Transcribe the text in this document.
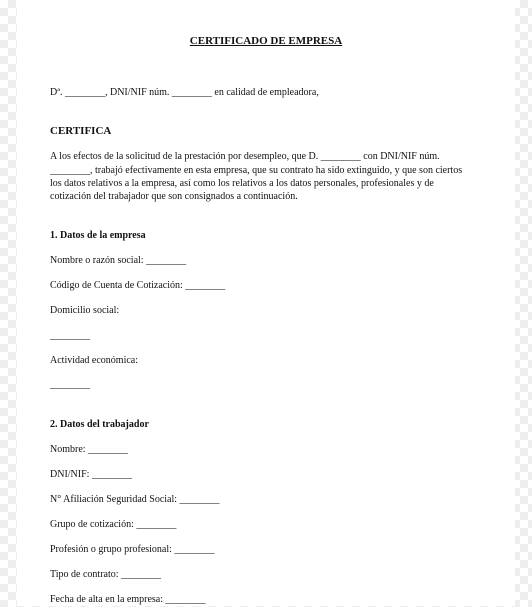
CERTIFICADO DE EMPRESA
Dª. ________, DNI/NIF núm. ________ en calidad de empleadora,
CERTIFICA
A los efectos de la solicitud de la prestación por desempleo, que D. ________ con DNI/NIF núm.
________, trabajó efectivamente en esta empresa, que su contrato ha sido extinguido, y que son ciertos
los datos relativos a la empresa, así como los relativos a los datos personales, profesionales y de
cotización del trabajador que son consignados a continuación.
1. Datos de la empresa
Nombre o razón social: ________
Código de Cuenta de Cotización: ________
Domicilio social:
________
Actividad económica:
________
2. Datos del trabajador
Nombre: ________
DNI/NIF: ________
N° Afiliación Seguridad Social: ________
Grupo de cotización: ________
Profesión o grupo profesional: ________
Tipo de contrato: ________
Fecha de alta en la empresa: ________
